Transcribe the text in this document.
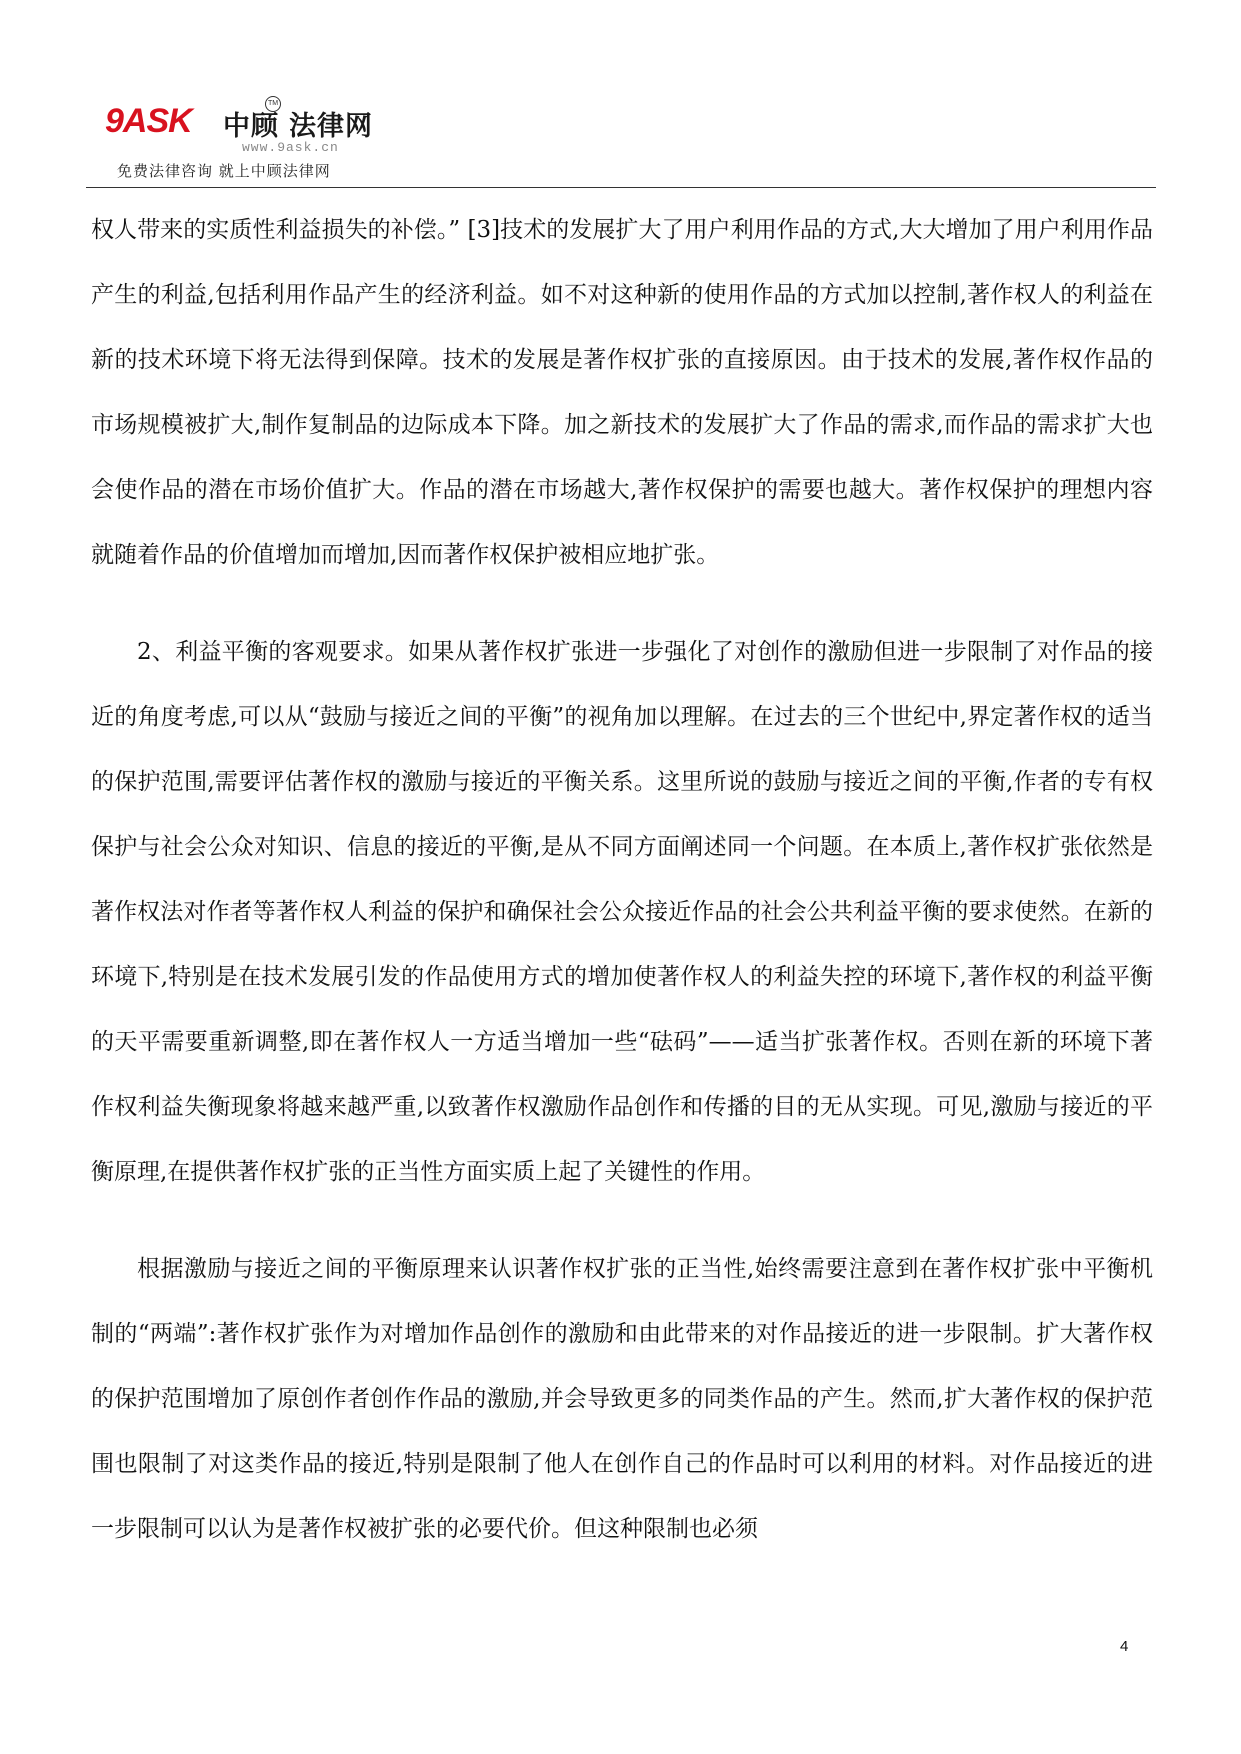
9ASK	TM
中顾 法律网
www.9ask.cn
免费法律咨询 就上中顾法律网

权人带来的实质性利益损失的补偿。” [3]技术的发展扩大了用户利用作品的方式,大大增加了用户利用作品产生的利益,包括利用作品产生的经济利益。如不对这种新的使用作品的方式加以控制,著作权人的利益在新的技术环境下将无法得到保障。技术的发展是著作权扩张的直接原因。由于技术的发展,著作权作品的市场规模被扩大,制作复制品的边际成本下降。加之新技术的发展扩大了作品的需求,而作品的需求扩大也会使作品的潜在市场价值扩大。作品的潜在市场越大,著作权保护的需要也越大。著作权保护的理想内容就随着作品的价值增加而增加,因而著作权保护被相应地扩张。

2、利益平衡的客观要求。如果从著作权扩张进一步强化了对创作的激励但进一步限制了对作品的接近的角度考虑,可以从“鼓励与接近之间的平衡”的视角加以理解。在过去的三个世纪中,界定著作权的适当的保护范围,需要评估著作权的激励与接近的平衡关系。这里所说的鼓励与接近之间的平衡,作者的专有权保护与社会公众对知识、信息的接近的平衡,是从不同方面阐述同一个问题。在本质上,著作权扩张依然是著作权法对作者等著作权人利益的保护和确保社会公众接近作品的社会公共利益平衡的要求使然。在新的环境下,特别是在技术发展引发的作品使用方式的增加使著作权人的利益失控的环境下,著作权的利益平衡的天平需要重新调整,即在著作权人一方适当增加一些“砝码”——适当扩张著作权。否则在新的环境下著作权利益失衡现象将越来越严重,以致著作权激励作品创作和传播的目的无从实现。可见,激励与接近的平衡原理,在提供著作权扩张的正当性方面实质上起了关键性的作用。

根据激励与接近之间的平衡原理来认识著作权扩张的正当性,始终需要注意到在著作权扩张中平衡机制的“两端”:著作权扩张作为对增加作品创作的激励和由此带来的对作品接近的进一步限制。扩大著作权的保护范围增加了原创作者创作作品的激励,并会导致更多的同类作品的产生。然而,扩大著作权的保护范围也限制了对这类作品的接近,特别是限制了他人在创作自己的作品时可以利用的材料。对作品接近的进一步限制可以认为是著作权被扩张的必要代价。但这种限制也必须

4
